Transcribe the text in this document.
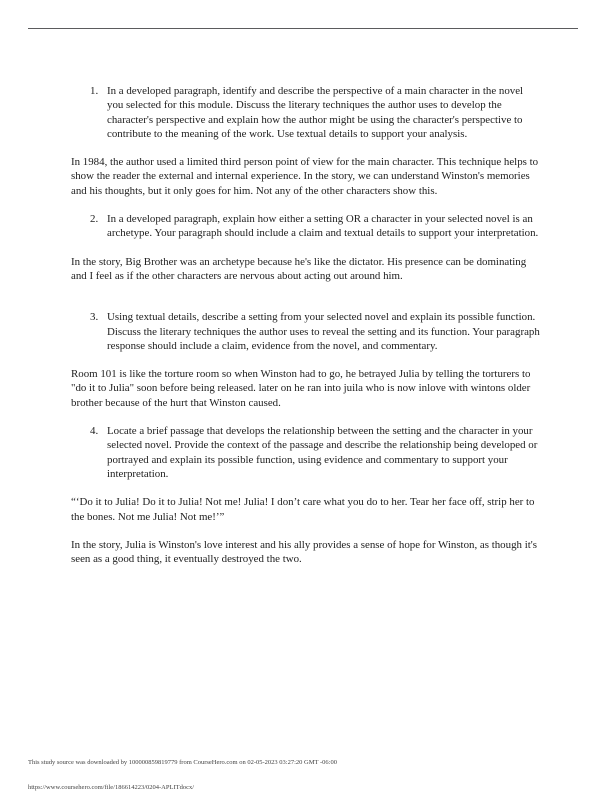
1. In a developed paragraph, identify and describe the perspective of a main character in the novel you selected for this module. Discuss the literary techniques the author uses to develop the character's perspective and explain how the author might be using the character's perspective to contribute to the meaning of the work. Use textual details to support your analysis.

In 1984, the author used a limited third person point of view for the main character. This technique helps to show the reader the external and internal experience. In the story, we can understand Winston's memories and his thoughts, but it only goes for him. Not any of the other characters show this.

2. In a developed paragraph, explain how either a setting OR a character in your selected novel is an archetype. Your paragraph should include a claim and textual details to support your interpretation.

In the story, Big Brother was an archetype because he's like the dictator. His presence can be dominating and I feel as if the other characters are nervous about acting out around him.

3. Using textual details, describe a setting from your selected novel and explain its possible function. Discuss the literary techniques the author uses to reveal the setting and its function. Your paragraph response should include a claim, evidence from the novel, and commentary.

Room 101 is like the torture room so when Winston had to go, he betrayed Julia by telling the torturers to "do it to Julia" soon before being released. later on he ran into juila who is now inlove with wintons older brother because of the hurt that Winston caused.

4. Locate a brief passage that develops the relationship between the setting and the character in your selected novel. Provide the context of the passage and describe the relationship being developed or portrayed and explain its possible function, using evidence and commentary to support your interpretation.

“‘Do it to Julia! Do it to Julia! Not me! Julia! I don’t care what you do to her. Tear her face off, strip her to the bones. Not me Julia! Not me!’”

In the story, Julia is Winston's love interest and his ally provides a sense of hope for Winston, as though it's seen as a good thing, it eventually destroyed the two.

This study source was downloaded by 100000859819779 from CourseHero.com on 02-05-2023 03:27:20 GMT -06:00
https://www.coursehero.com/file/186614223/0204-APLITdocx/
